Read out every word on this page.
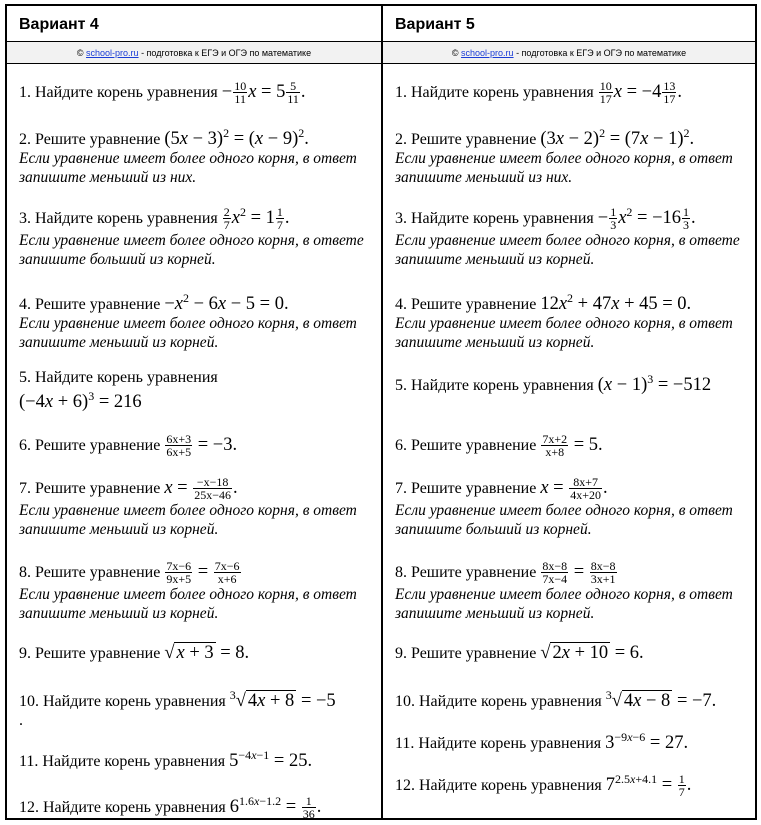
Вариант 4
© school-pro.ru - подготовка к ЕГЭ и ОГЭ по математике
1. Найдите корень уравнения − $\frac{10}{11}$ $x = 5 \frac{5}{11}$ .
2. Решите уравнение $(5x - 3)^2 = (x - 9)^2$.
Если уравнение имеет более одного корня, в ответ запишите меньший из них.
3. Найдите корень уравнения $\frac{2}{7} x^2 = 1 \frac{1}{7}$ .
Если уравнение имеет более одного корня, в ответе запишите больший из корней.
4. Решите уравнение $-x^2 - 6x - 5 = 0$.
Если уравнение имеет более одного корня, в ответ запишите меньший из корней.
5. Найдите корень уравнения
$(-4x + 6)^3 = 216$
6. Решите уравнение $\frac{6x+3}{6x+5} = -3$.
7. Решите уравнение $x = \frac{-x-18}{25x-46}$ .
Если уравнение имеет более одного корня, в ответ запишите меньший из корней.
8. Решите уравнение $\frac{7x-6}{9x+5} = \frac{7x-6}{x+6}$
Если уравнение имеет более одного корня, в ответ запишите меньший из корней.
9. Решите уравнение √ x + 3 = 8.
10. Найдите корень уравнения $^3$√ 4x + 8 = −5
.
11. Найдите корень уравнения $5^{-4x-1} = 25$.
12. Найдите корень уравнения $6^{1.6x-1.2} = \frac{1}{36}$ .
Вариант 5
© school-pro.ru - подготовка к ЕГЭ и ОГЭ по математике
1. Найдите корень уравнения $\frac{10}{17}$ $x = -4 \frac{13}{17}$ .
2. Решите уравнение $(3x - 2)^2 = (7x - 1)^2$.
Если уравнение имеет более одного корня, в ответ запишите меньший из них.
3. Найдите корень уравнения − $\frac{1}{3} x^2 = -16 \frac{1}{3}$ .
Если уравнение имеет более одного корня, в ответе запишите меньший из корней.
4. Решите уравнение $12x^2 + 47x + 45 = 0$.
Если уравнение имеет более одного корня, в ответ запишите меньший из корней.
5. Найдите корень уравнения $(x - 1)^3 = -512$
6. Решите уравнение $\frac{7x+2}{x+8} = 5$.
7. Решите уравнение $x = \frac{8x+7}{4x+20}$ .
Если уравнение имеет более одного корня, в ответ запишите больший из корней.
8. Решите уравнение $\frac{8x-8}{7x-4} = \frac{8x-8}{3x+1}$
Если уравнение имеет более одного корня, в ответ запишите меньший из корней.
9. Решите уравнение √ 2x + 10 = 6.
10. Найдите корень уравнения $^3$√ 4x − 8 = −7.
11. Найдите корень уравнения $3^{-9x-6} = 27$.
12. Найдите корень уравнения $7^{2.5x+4.1} = \frac{1}{7}$ .
